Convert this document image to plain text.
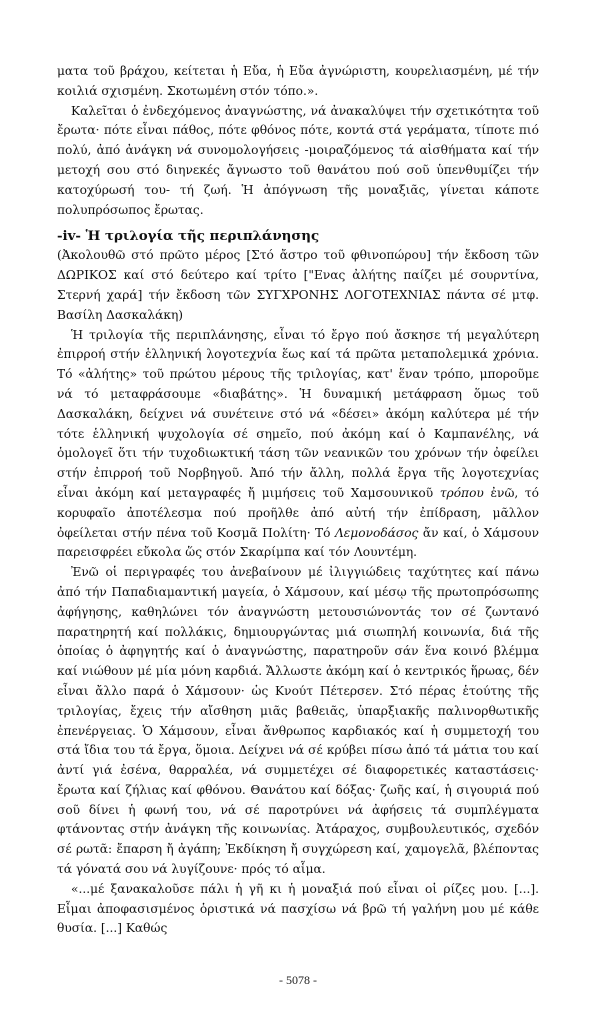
ματα τοῦ βράχου, κείτεται ἡ Εὔα, ἡ Εὔα ἀγνώριστη, κουρελιασμένη, μέ τήν κοιλιά σχισμένη. Σκοτωμένη στόν τόπο.».

Καλεῖται ὁ ἐνδεχόμενος ἀναγνώστης, νά ἀνακαλύψει τήν σχετικότητα τοῦ ἔρωτα· πότε εἶναι πάθος, πότε φθόνος πότε, κοντά στά γεράματα, τίποτε πιό πολύ, ἀπό ἀνάγκη νά συνομολογήσεις -μοιραζόμενος τά αἰσθήματα καί τήν μετοχή σου στό διηνεκές ἄγνωστο τοῦ θανάτου πού σοῦ ὑπενθυμίζει τήν κατοχύρωσή του- τή ζωή. Ἡ ἀπόγνωση τῆς μοναξιᾶς, γίνεται κάποτε πολυπρόσωπος ἔρωτας.

-iv- Ἡ τριλογία τῆς περιπλάνησης

(Ἀκολουθῶ στό πρῶτο μέρος [Στό ἄστρο τοῦ φθινοπώρου] τήν ἔκδοση τῶν ΔΩΡΙΚΟΣ καί στό δεύτερο καί τρίτο ["Ενας ἀλήτης παίζει μέ σουρντίνα, Στερνή χαρά] τήν ἔκδοση τῶν ΣΥΓΧΡΟΝΗΣ ΛΟΓΟΤΕΧΝΙΑΣ πάντα σέ μτφ. Βασίλη Δασκαλάκη)

Ἡ τριλογία τῆς περιπλάνησης, εἶναι τό ἔργο πού ἄσκησε τή μεγαλύτερη ἐπιρροή στήν ἑλληνική λογοτεχνία ἕως καί τά πρῶτα μεταπολεμικά χρόνια. Τό «ἀλήτης» τοῦ πρώτου μέρους τῆς τριλογίας, κατ' ἕναν τρόπο, μποροῦμε νά τό μεταφράσουμε «διαβάτης». Ἡ δυναμική μετάφραση ὅμως τοῦ Δασκαλάκη, δείχνει νά συνέτεινε στό νά «δέσει» ἀκόμη καλύτερα μέ τήν τότε ἑλληνική ψυχολογία σέ σημεῖο, πού ἀκόμη καί ὁ Καμπανέλης, νά ὁμολογεῖ ὅτι τήν τυχοδιωκτική τάση τῶν νεανικῶν του χρόνων τήν ὀφείλει στήν ἐπιρροή τοῦ Νορβηγοῦ. Ἀπό τήν ἄλλη, πολλά ἔργα τῆς λογοτεχνίας εἶναι ἀκόμη καί μεταγραφές ἤ μιμήσεις τοῦ Χαμσουνικοῦ τρόπου ἐνῶ, τό κορυφαῖο ἀποτέλεσμα πού προῆλθε ἀπό αὐτή τήν ἐπίδραση, μᾶλλον ὀφείλεται στήν πένα τοῦ Κοσμᾶ Πολίτη· Τό Λεμονοδάσος ἄν καί, ὁ Χάμσουν παρεισφρέει εὔκολα ὥς στόν Σκαρίμπα καί τόν Λουντέμη.

Ἐνῶ οἱ περιγραφές του ἀνεβαίνουν μέ ἰλιγγιώδεις ταχύτητες καί πάνω ἀπό τήν Παπαδιαμαντική μαγεία, ὁ Χάμσουν, καί μέσῳ τῆς πρωτοπρόσωπης ἀφήγησης, καθηλώνει τόν ἀναγνώστη μετουσιώνοντάς τον σέ ζωντανό παρατηρητή καί πολλάκις, δημιουργώντας μιά σιωπηλή κοινωνία, διά τῆς ὁποίας ὁ ἀφηγητής καί ὁ ἀναγνώστης, παρατηροῦν σάν ἕνα κοινό βλέμμα καί νιώθουν μέ μία μόνη καρδιά. Ἄλλωστε ἀκόμη καί ὁ κεντρικός ἥρωας, δέν εἶναι ἄλλο παρά ὁ Χάμσουν· ὡς Κνούτ Πέτερσεν. Στό πέρας ἑτούτης τῆς τριλογίας, ἔχεις τήν αἴσθηση μιᾶς βαθειᾶς, ὑπαρξιακῆς παλινορθωτικῆς ἐπενέργειας. Ὁ Χάμσουν, εἶναι ἄνθρωπος καρδιακός καί ἡ συμμετοχή του στά ἴδια του τά ἔργα, ὅμοια. Δείχνει νά σέ κρύβει πίσω ἀπό τά μάτια του καί ἀντί γιά ἐσένα, θαρραλέα, νά συμμετέχει σέ διαφορετικές καταστάσεις· ἔρωτα καί ζήλιας καί φθόνου. Θανάτου καί δόξας· ζωῆς καί, ἡ σιγουριά πού σοῦ δίνει ἡ φωνή του, νά σέ παροτρύνει νά ἀφήσεις τά συμπλέγματα φτάνοντας στήν ἀνάγκη τῆς κοινωνίας. Ἀτάραχος, συμβουλευτικός, σχεδόν σέ ρωτᾶ: ἔπαρση ἤ ἀγάπη; Ἐκδίκηση ἤ συγχώρεση καί, χαμογελᾶ, βλέποντας τά γόνατά σου νά λυγίζουνε· πρός τό αἷμα.

«...μέ ξανακαλοῦσε πάλι ἡ γῆ κι ἡ μοναξιά πού εἶναι οἱ ρίζες μου. [...]. Εἶμαι ἀποφασισμένος ὁριστικά νά πασχίσω νά βρῶ τή γαλήνη μου μέ κάθε θυσία. [...] Καθώς

- 5078 -
